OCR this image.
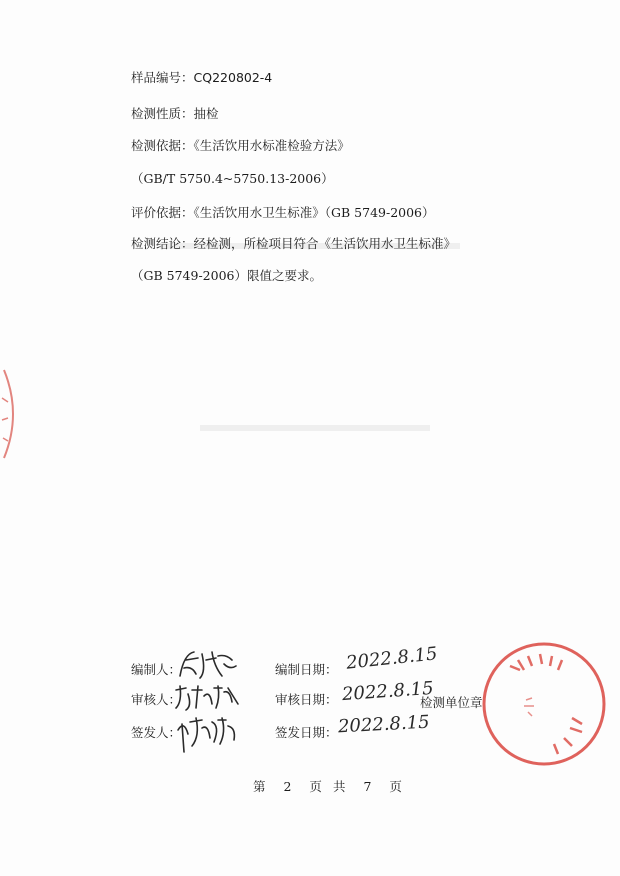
样品编号：CQ220802-4
检测性质：抽检
检测依据：《生活饮用水标准检验方法》
（GB/T 5750.4~5750.13-2006）
评价依据：《生活饮用水卫生标准》（GB 5749-2006）
检测结论：经检测，所检项目符合《生活饮用水卫生标准》
（GB 5749-2006）限值之要求。
编制人：	编制日期： 2022.8.15
审核人：	审核日期： 2022.8.15
检测单位章
签发人：	签发日期： 2022.8.15
第 2 页 共 7 页
